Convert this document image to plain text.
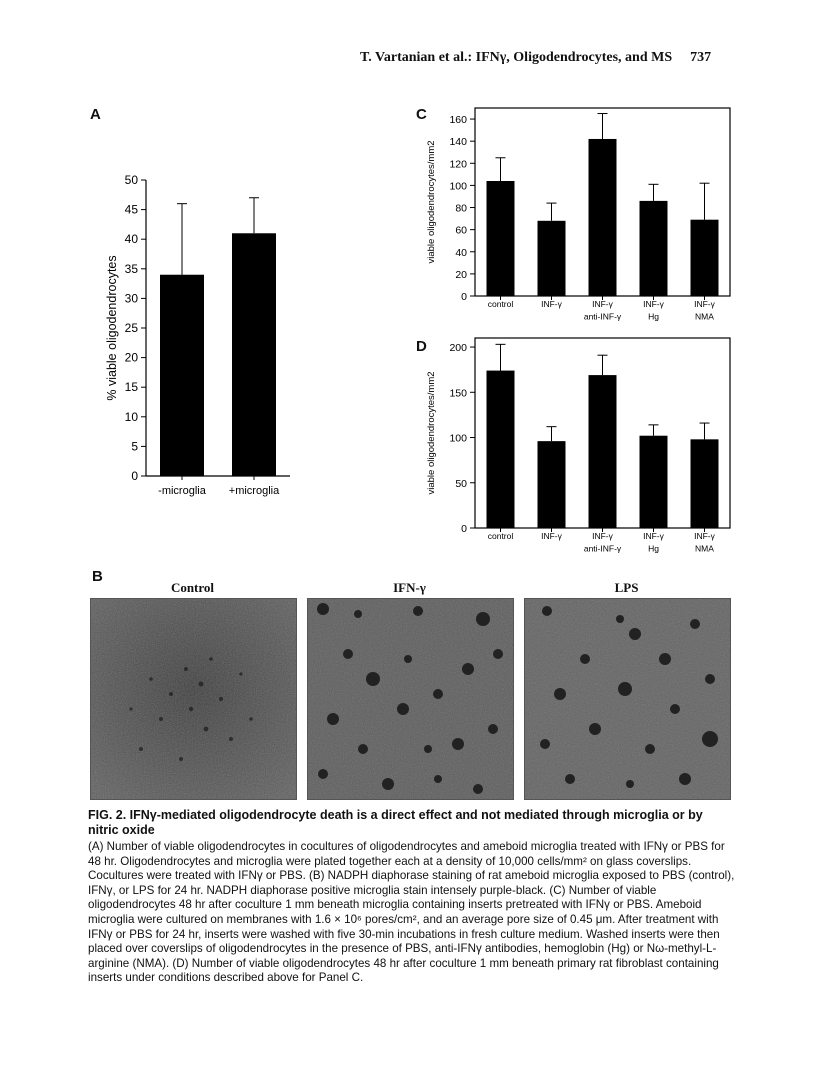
T. Vartanian et al.: IFNγ, Oligodendrocytes, and MS 737
A	C
D
B
0
5
10
15
20
25
30
35
40
45
50
% viable oligodendrocytes
-microglia +microglia
0
20
40
60
80
100
120
140
160
viable oligodendrocytes/mm2
control	INF-γ	INF-γ
anti-INF-γ
INF-γ
Hg
INF-γ
NMA
0
50
100
150
200
viable oligodendrocytes/mm2
control	INF-γ	INF-γ
anti-INF-γ
INF-γ
Hg
INF-γ
NMA
Control	IFN-γ	LPS
FIG. 2. IFNγ-mediated oligodendrocyte death is a direct effect and not mediated through microglia or by nitric oxide
(A) Number of viable oligodendrocytes in cocultures of oligodendrocytes and ameboid microglia treated with IFNγ or PBS for 48 hr. Oligodendrocytes and microglia were plated together each at a density of 10,000 cells/mm² on glass coverslips. Cocultures were treated with IFNγ or PBS. (B) NADPH diaphorase staining of rat ameboid microglia exposed to PBS (control), IFNγ, or LPS for 24 hr. NADPH diaphorase positive microglia stain intensely purple-black. (C) Number of viable oligodendrocytes 48 hr after coculture 1 mm beneath microglia containing inserts pretreated with IFNγ or PBS. Ameboid microglia were cultured on membranes with 1.6 × 10⁶ pores/cm², and an average pore size of 0.45 μm. After treatment with IFNγ or PBS for 24 hr, inserts were washed with five 30-min incubations in fresh culture medium. Washed inserts were then placed over coverslips of oligodendrocytes in the presence of PBS, anti-IFNγ antibodies, hemoglobin (Hg) or Nω-methyl-L-arginine (NMA). (D) Number of viable oligodendrocytes 48 hr after coculture 1 mm beneath primary rat fibroblast containing inserts under conditions described above for Panel C.
